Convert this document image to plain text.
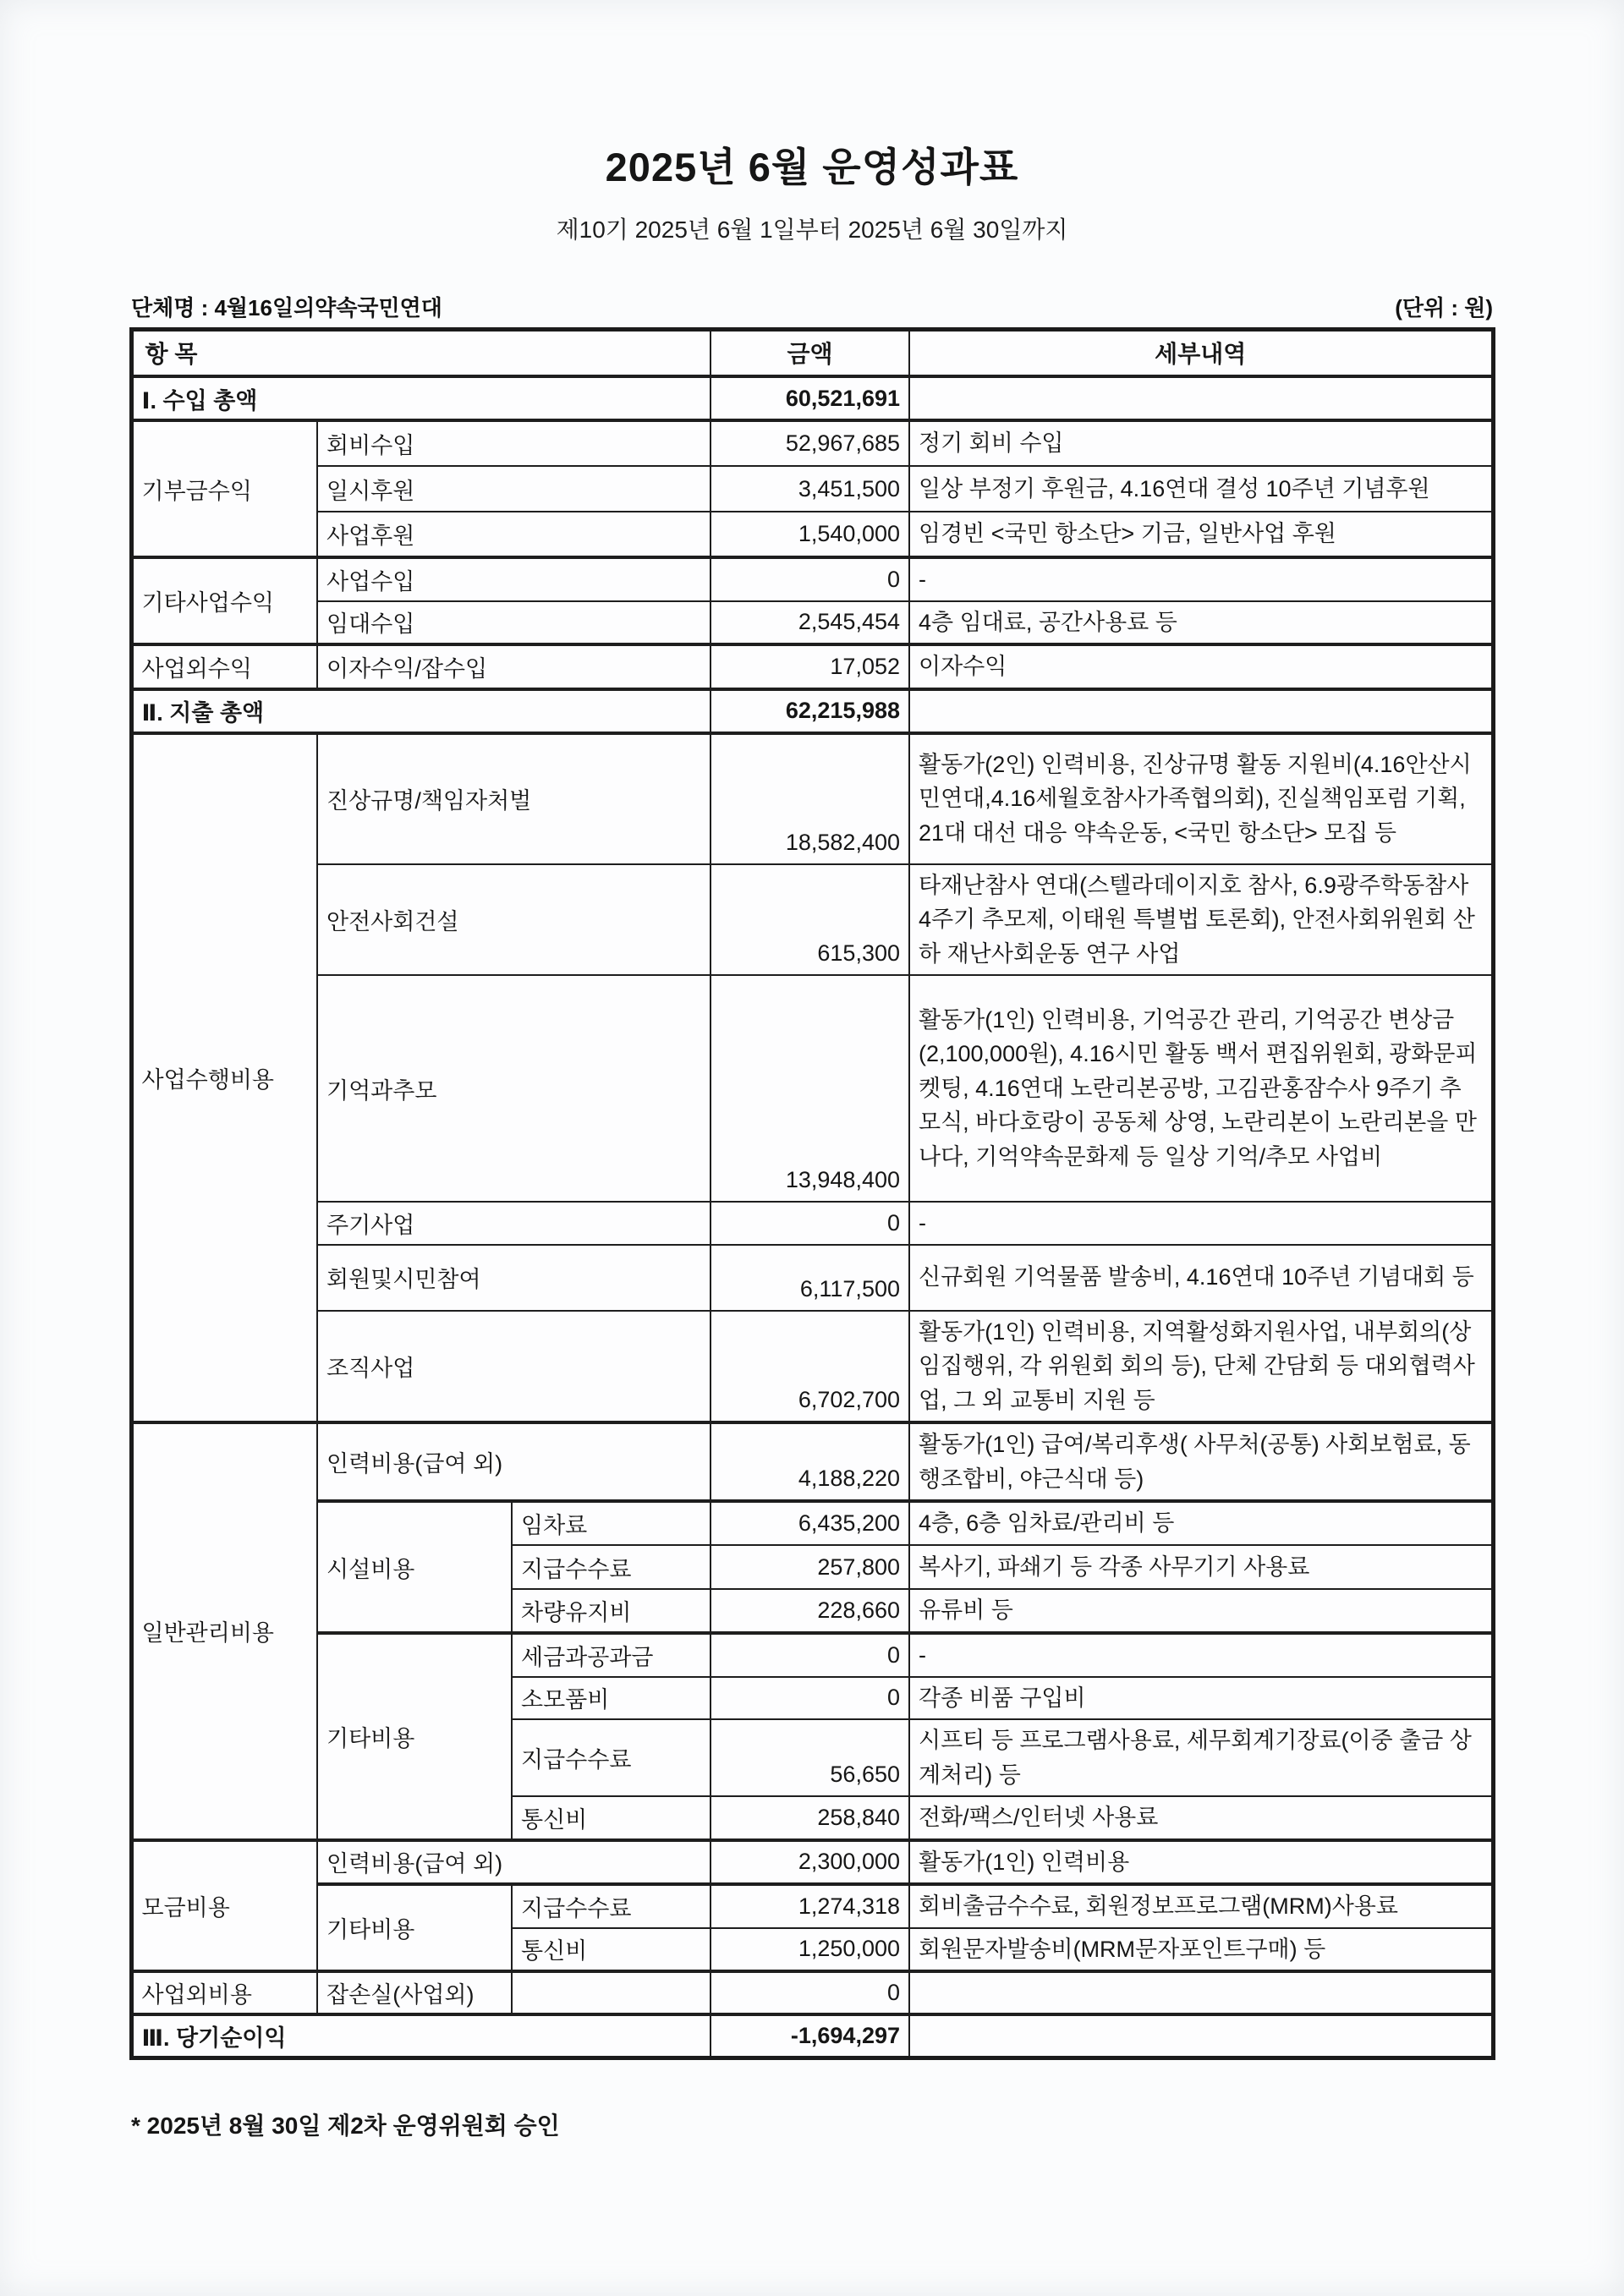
2025년 6월 운영성과표
제10기 2025년 6월 1일부터 2025년 6월 30일까지
단체명 : 4월16일의약속국민연대	(단위 : 원)
항 목			금액	세부내역
Ⅰ. 수입 총액			60,521,691	
기부금수익	회비수입		52,967,685	정기 회비 수입
	일시후원		3,451,500	일상 부정기 후원금, 4.16연대 결성 10주년 기념후원
	사업후원		1,540,000	임경빈 <국민 항소단> 기금, 일반사업 후원
기타사업수익	사업수입		0	-
	임대수입		2,545,454	4층 임대료, 공간사용료 등
사업외수익	이자수익/잡수입		17,052	이자수익
Ⅱ. 지출 총액			62,215,988	
사업수행비용	진상규명/책임자처벌		18,582,400	활동가(2인) 인력비용, 진상규명 활동 지원비(4.16안산시민연대,4.16세월호참사가족협의회), 진실책임포럼 기획, 21대 대선 대응 약속운동, <국민 항소단> 모집 등
	안전사회건설		615,300	타재난참사 연대(스텔라데이지호 참사, 6.9광주학동참사 4주기 추모제, 이태원 특별법 토론회), 안전사회위원회 산하 재난사회운동 연구 사업
	기억과추모		13,948,400	활동가(1인) 인력비용, 기억공간 관리, 기억공간 변상금(2,100,000원), 4.16시민 활동 백서 편집위원회, 광화문피켓팅, 4.16연대 노란리본공방, 고김관홍잠수사 9주기 추모식, 바다호랑이 공동체 상영, 노란리본이 노란리본을 만나다, 기억약속문화제 등 일상 기억/추모 사업비
	주기사업		0	-
	회원및시민참여		6,117,500	신규회원 기억물품 발송비, 4.16연대 10주년 기념대회 등
	조직사업		6,702,700	활동가(1인) 인력비용, 지역활성화지원사업, 내부회의(상임집행위, 각 위원회 회의 등), 단체 간담회 등 대외협력사업, 그 외 교통비 지원 등
일반관리비용	인력비용(급여 외)		4,188,220	활동가(1인) 급여/복리후생( 사무처(공통) 사회보험료, 동행조합비, 야근식대 등)
	시설비용	임차료	6,435,200	4층, 6층 임차료/관리비 등
		지급수수료	257,800	복사기, 파쇄기 등 각종 사무기기 사용료
		차량유지비	228,660	유류비 등
	기타비용	세금과공과금	0	-
		소모품비	0	각종 비품 구입비
		지급수수료	56,650	시프티 등 프로그램사용료, 세무회계기장료(이중 출금 상계처리) 등
		통신비	258,840	전화/팩스/인터넷 사용료
모금비용	인력비용(급여 외)		2,300,000	활동가(1인) 인력비용
	기타비용	지급수수료	1,274,318	회비출금수수료, 회원정보프로그램(MRM)사용료
		통신비	1,250,000	회원문자발송비(MRM문자포인트구매) 등
사업외비용	잡손실(사업외)		0	
Ⅲ. 당기순이익			-1,694,297	
* 2025년 8월 30일 제2차 운영위원회 승인
